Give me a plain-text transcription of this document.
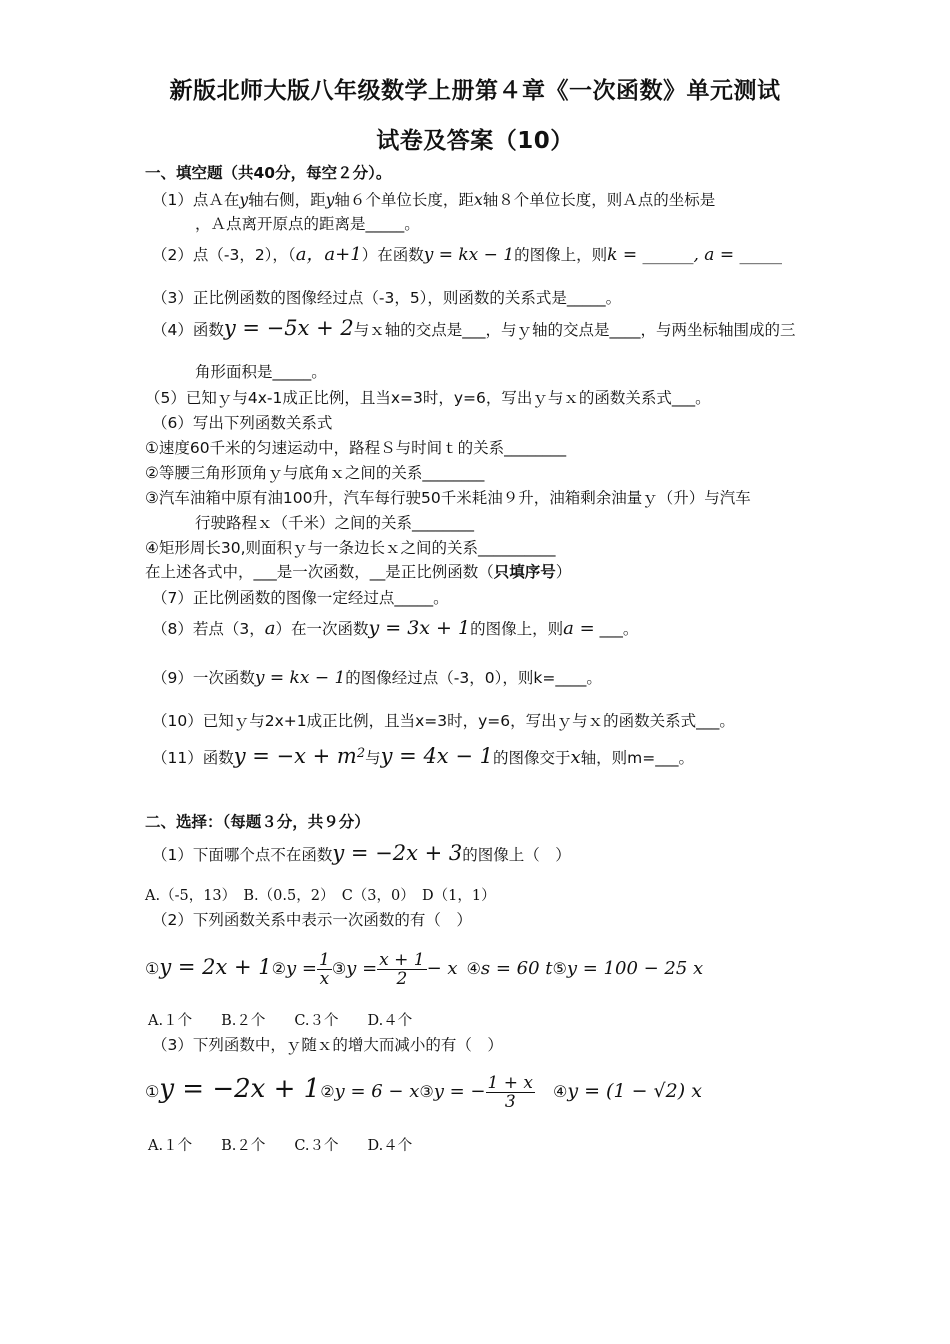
新版北师大版八年级数学上册第４章《一次函数》单元测试
试卷及答案（10）
一、填空题（共40分，每空２分）。
（1）点Ａ在y轴右侧，距y轴６个单位长度，距x轴８个单位长度，则Ａ点的坐标是
，Ａ点离开原点的距离是_____。
（2）点（-3，2），（a，a+1）在函数y = kx − 1的图像上，则k = ______, a = _____
（3）正比例函数的图像经过点（-3，5），则函数的关系式是_____。
（4）函数y = −5x + 2与ｘ轴的交点是___，与ｙ轴的交点是____，与两坐标轴围成的三
角形面积是_____。
（5）已知ｙ与4x-1成正比例，且当x=3时，y=6，写出ｙ与ｘ的函数关系式___。
（6）写出下列函数关系式
①速度60千米的匀速运动中，路程Ｓ与时间ｔ的关系________
②等腰三角形顶角ｙ与底角ｘ之间的关系________
③汽车油箱中原有油100升，汽车每行驶50千米耗油９升，油箱剩余油量ｙ（升）与汽车
行驶路程ｘ（千米）之间的关系________
④矩形周长30,则面积ｙ与一条边长ｘ之间的关系__________
在上述各式中，___是一次函数，__是正比例函数（只填序号）
（7）正比例函数的图像一定经过点_____。
（8）若点（3，a）在一次函数y = 3x + 1的图像上，则a = ___。
（9）一次函数y = kx − 1的图像经过点（-3，0），则k=____。
（10）已知ｙ与2x+1成正比例，且当x=3时，y=6，写出ｙ与ｘ的函数关系式___。
（11）函数$y = -x + m^2$与y = 4x − 1的图像交于x轴，则m=___。
二、选择：（每题３分，共９分）
（1）下面哪个点不在函数y = −2x + 3的图像上（　）
A.（-5，13）　B.（0.5，2）　C（3，0）　D（1，1）
（2）下列函数关系中表示一次函数的有（　）
①y = 2x + 1②y = $\frac{1}{x}$ ③y = $\frac{x + 1}{2} - x$ ④s = 60 t⑤y = 100 − 25 x
A.１个　　B.２个　　C.３个　　D.４个
（3）下列函数中，ｙ随ｘ的增大而减小的有（　）
①y = −2x + 1②y = 6 − x③y = − $\frac{1 + x}{3}$ ④y = (1 − √2) x
A.１个　　B.２个　　C.３个　　D.４个
